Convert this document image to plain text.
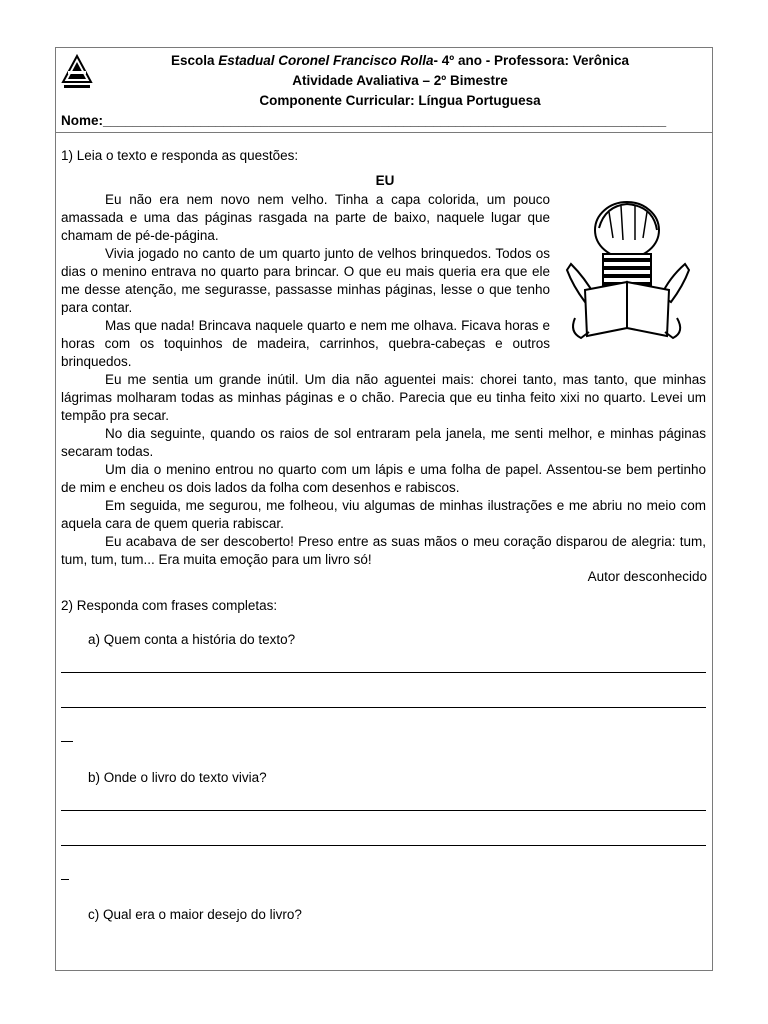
Escola Estadual Coronel Francisco Rolla- 4º ano - Professora: Verônica
Atividade Avaliativa – 2º Bimestre
Componente Curricular: Língua Portuguesa
Nome:___________________________________________________________________________
1) Leia o texto e responda as questões:
EU

Eu não era nem novo nem velho. Tinha a capa colorida, um pouco amassada e uma das páginas rasgada na parte de baixo, naquele lugar que chamam de pé-de-página.

Vivia jogado no canto de um quarto junto de velhos brinquedos. Todos os dias o menino entrava no quarto para brincar. O que eu mais queria era que ele me desse atenção, me segurasse, passasse minhas páginas, lesse o que tenho para contar.

Mas que nada! Brincava naquele quarto e nem me olhava. Ficava horas e horas com os toquinhos de madeira, carrinhos, quebra-cabeças e outros brinquedos.

Eu me sentia um grande inútil. Um dia não aguentei mais: chorei tanto, mas tanto, que minhas lágrimas molharam todas as minhas páginas e o chão. Parecia que eu tinha feito xixi no quarto. Levei um tempão pra secar.

No dia seguinte, quando os raios de sol entraram pela janela, me senti melhor, e minhas páginas secaram todas.

Um dia o menino entrou no quarto com um lápis e uma folha de papel. Assentou-se bem pertinho de mim e encheu os dois lados da folha com desenhos e rabiscos.

Em seguida, me segurou, me folheou, viu algumas de minhas ilustrações e me abriu no meio com aquela cara de quem queria rabiscar.

Eu acabava de ser descoberto! Preso entre as suas mãos o meu coração disparou de alegria: tum, tum, tum, tum... Era muita emoção para um livro só!

Autor desconhecido
2) Responda com frases completas:
a) Quem conta a história do texto?
b) Onde o livro do texto vivia?
c) Qual era o maior desejo do livro?
